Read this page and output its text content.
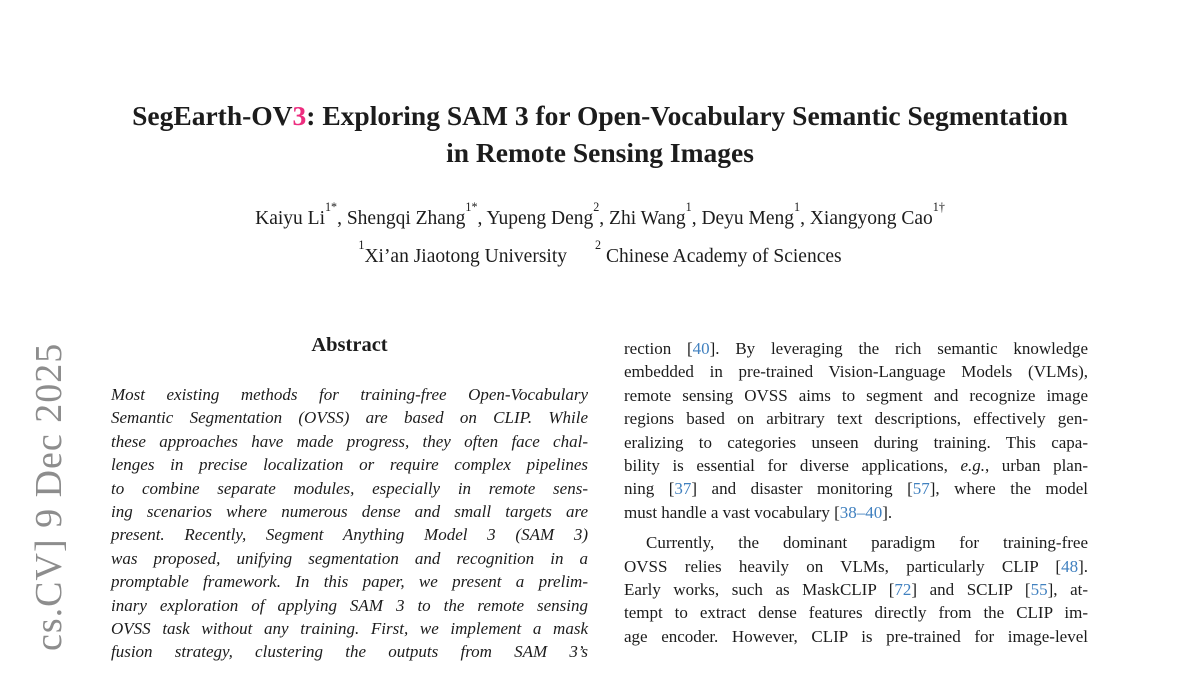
cs.CV] 9 Dec 2025
SegEarth-OV3: Exploring SAM 3 for Open-Vocabulary Semantic Segmentation
in Remote Sensing Images
Kaiyu $Li^{1*}$, Shengqi Zhang$^{1*}$, Yupeng Deng$^2$, Zhi Wang$^1$, Deyu Meng$^1$, Xiangyong Cao$^{1\dagger}$
$^1$Xi’an Jiaotong University$^2$Chinese Academy of Sciences
Abstract
Most existing methods for training-free Open-Vocabulary
Semantic Segmentation (OVSS) are based on CLIP. While
these approaches have made progress, they often face chal-
lenges in precise localization or require complex pipelines
to combine separate modules, especially in remote sens-
ing scenarios where numerous dense and small targets are
present. Recently, Segment Anything Model 3 (SAM 3)
was proposed, unifying segmentation and recognition in a
promptable framework. In this paper, we present a prelim-
inary exploration of applying SAM 3 to the remote sensing
OVSS task without any training. First, we implement a mask
fusion strategy, clustering the outputs from SAM 3’s
rection [40]. By leveraging the rich semantic knowledge
embedded in pre-trained Vision-Language Models (VLMs),
remote sensing OVSS aims to segment and recognize image
regions based on arbitrary text descriptions, effectively gen-
eralizing to categories unseen during training. This capa-
bility is essential for diverse applications, e.g., urban plan-
ning [37] and disaster monitoring [57], where the model
must handle a vast vocabulary [38–40].
Currently, the dominant paradigm for training-free
OVSS relies heavily on VLMs, particularly CLIP [48].
Early works, such as MaskCLIP [72] and SCLIP [55], at-
tempt to extract dense features directly from the CLIP im-
age encoder. However, CLIP is pre-trained for image-level
